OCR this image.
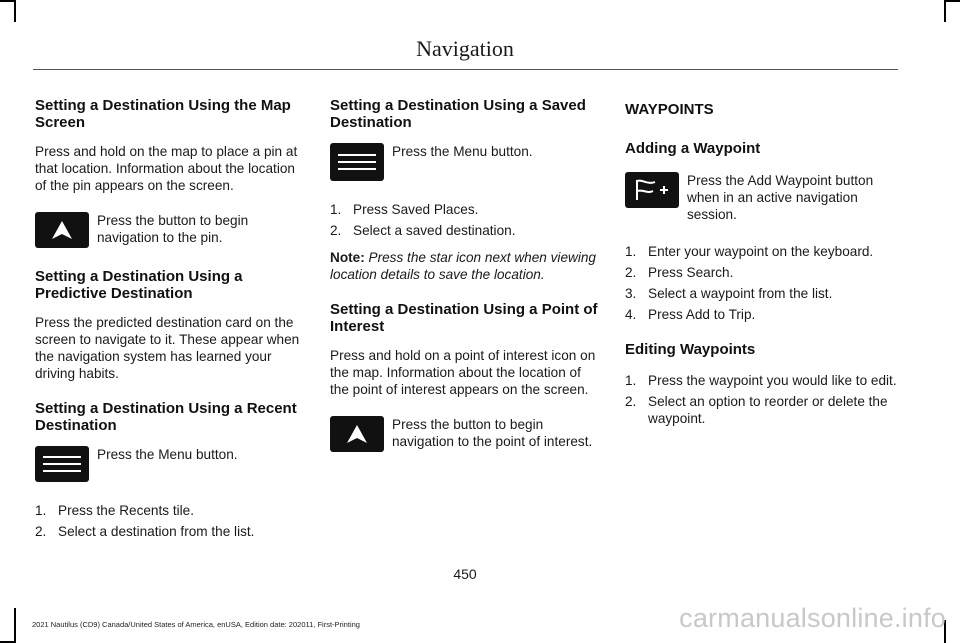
Navigation
Setting a Destination Using the Map Screen

Press and hold on the map to place a pin at that location. Information about the location of the pin appears on the screen.

Press the button to begin navigation to the pin.
Setting a Destination Using a Predictive Destination

Press the predicted destination card on the screen to navigate to it. These appear when the navigation system has learned your driving habits.

Setting a Destination Using a Recent Destination
Press the Menu button.
1. Press the Recents tile.
2. Select a destination from the list.
Setting a Destination Using a Saved Destination
Press the Menu button.
1. Press Saved Places.
2. Select a saved destination.

Note: Press the star icon next when viewing location details to save the location.

Setting a Destination Using a Point of Interest

Press and hold on a point of interest icon on the map. Information about the location of the point of interest appears on the screen.

Press the button to begin navigation to the point of interest.
WAYPOINTS
Adding a Waypoint
Press the Add Waypoint button when in an active navigation session.
1. Enter your waypoint on the keyboard.
2. Press Search.
3. Select a waypoint from the list.
4. Press Add to Trip.
Editing Waypoints
1. Press the waypoint you would like to edit.
2. Select an option to reorder or delete the waypoint.
450
2021 Nautilus (CD9) Canada/United States of America, enUSA, Edition date: 202011, First-Printing	carmanualsonline.info
